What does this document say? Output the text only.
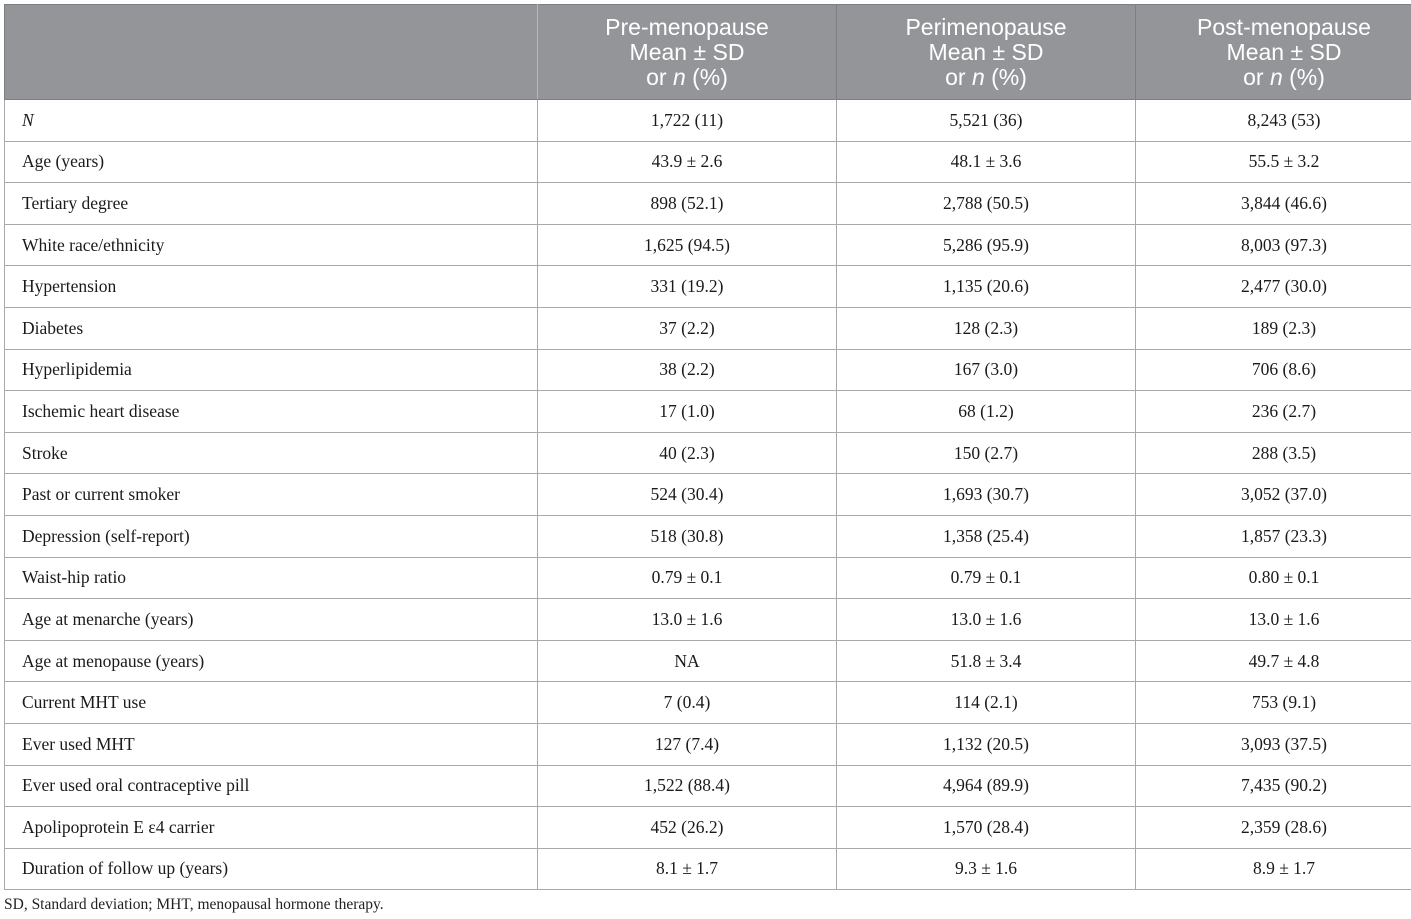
	Pre-menopause
Mean ± SD
or n (%)	Perimenopause
Mean ± SD
or n (%)	Post-menopause
Mean ± SD
or n (%)

N	1,722 (11)	5,521 (36)	8,243 (53)
Age (years)	43.9 ± 2.6	48.1 ± 3.6	55.5 ± 3.2
Tertiary degree	898 (52.1)	2,788 (50.5)	3,844 (46.6)
White race/ethnicity	1,625 (94.5)	5,286 (95.9)	8,003 (97.3)
Hypertension	331 (19.2)	1,135 (20.6)	2,477 (30.0)
Diabetes	37 (2.2)	128 (2.3)	189 (2.3)
Hyperlipidemia	38 (2.2)	167 (3.0)	706 (8.6)
Ischemic heart disease	17 (1.0)	68 (1.2)	236 (2.7)
Stroke	40 (2.3)	150 (2.7)	288 (3.5)
Past or current smoker	524 (30.4)	1,693 (30.7)	3,052 (37.0)
Depression (self-report)	518 (30.8)	1,358 (25.4)	1,857 (23.3)
Waist-hip ratio	0.79 ± 0.1	0.79 ± 0.1	0.80 ± 0.1
Age at menarche (years)	13.0 ± 1.6	13.0 ± 1.6	13.0 ± 1.6
Age at menopause (years)	NA	51.8 ± 3.4	49.7 ± 4.8
Current MHT use	7 (0.4)	114 (2.1)	753 (9.1)
Ever used MHT	127 (7.4)	1,132 (20.5)	3,093 (37.5)
Ever used oral contraceptive pill	1,522 (88.4)	4,964 (89.9)	7,435 (90.2)
Apolipoprotein E ε4 carrier	452 (26.2)	1,570 (28.4)	2,359 (28.6)
Duration of follow up (years)	8.1 ± 1.7	9.3 ± 1.6	8.9 ± 1.7
SD, Standard deviation; MHT, menopausal hormone therapy.
